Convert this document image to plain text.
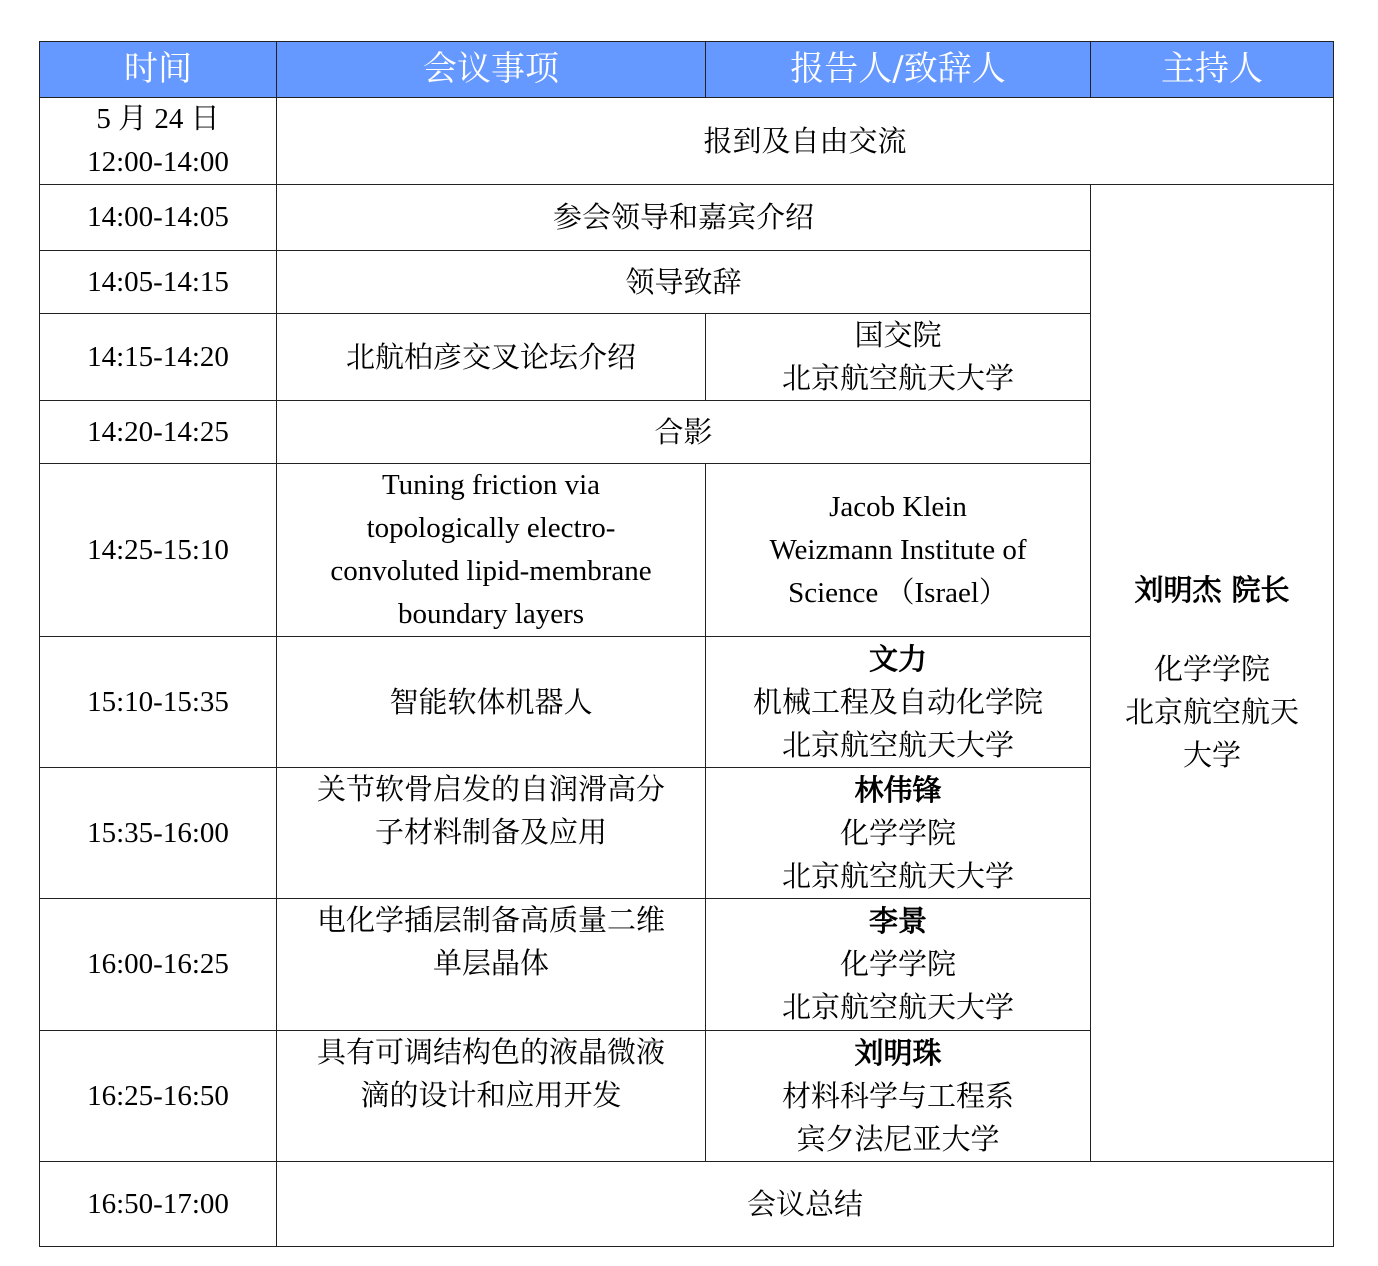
时间	会议事项	报告人/致辞人	主持人

5 月 24 日
12:00-14:00	报到及自由交流		
14:00-14:05	参会领导和嘉宾介绍		刘明杰 院长
化学学院
北京航空航天
大学

14:05-14:15	领导致辞		
14:15-14:20	北航柏彦交叉论坛介绍	国交院
北京航空航天大学	

14:20-14:25	合影		
14:25-15:10	Tuning friction via
topologically electro-
convoluted lipid-membrane
boundary layers	Jacob Klein
Weizmann Institute of
Science （Israel）	

15:10-15:35	智能软体机器人	文力
机械工程及自动化学院
北京航空航天大学	

15:35-16:00	关节软骨启发的自润滑高分
子材料制备及应用	林伟锋
化学学院
北京航空航天大学	

16:00-16:25	电化学插层制备高质量二维
单层晶体	李景
化学学院
北京航空航天大学	

16:25-16:50	具有可调结构色的液晶微液
滴的设计和应用开发	刘明珠
材料科学与工程系
宾夕法尼亚大学	

16:50-17:00	会议总结		
